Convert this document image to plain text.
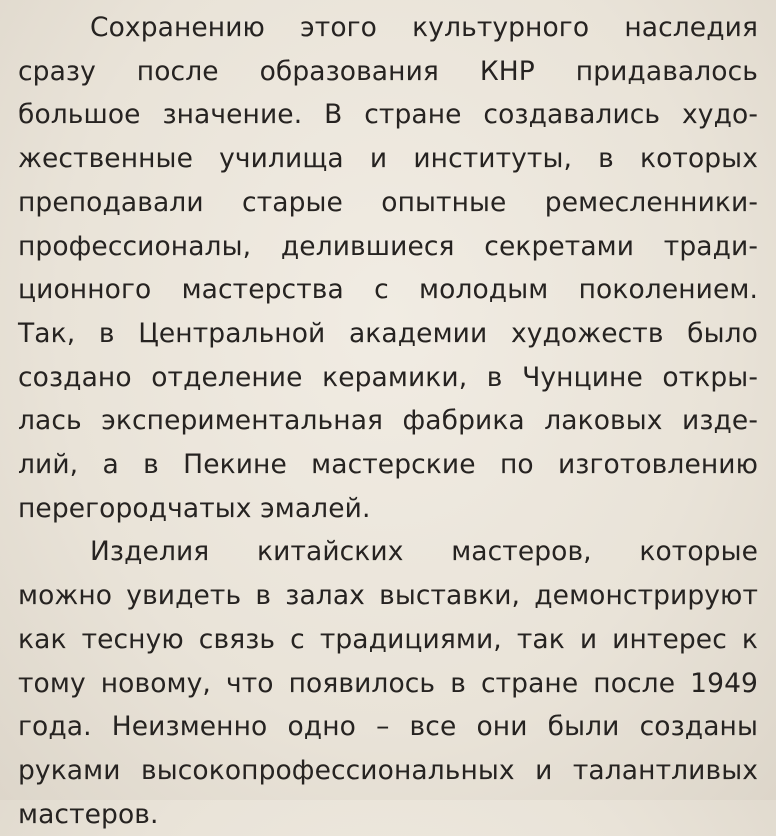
Сохранению этого культурного наследия
сразу после образования КНР придавалось
большое значение. В стране создавались худо-
жественные училища и институты, в которых
преподавали старые опытные ремесленники-
профессионалы, делившиеся секретами тради-
ционного мастерства с молодым поколением.
Так, в Центральной академии художеств было
создано отделение керамики, в Чунцине откры-
лась экспериментальная фабрика лаковых изде-
лий, а в Пекине мастерские по изготовлению
перегородчатых эмалей.

Изделия китайских мастеров, которые
можно увидеть в залах выставки, демонстрируют
как тесную связь с традициями, так и интерес к
тому новому, что появилось в стране после 1949
года. Неизменно одно – все они были созданы
руками высокопрофессиональных и талантливых
мастеров.
